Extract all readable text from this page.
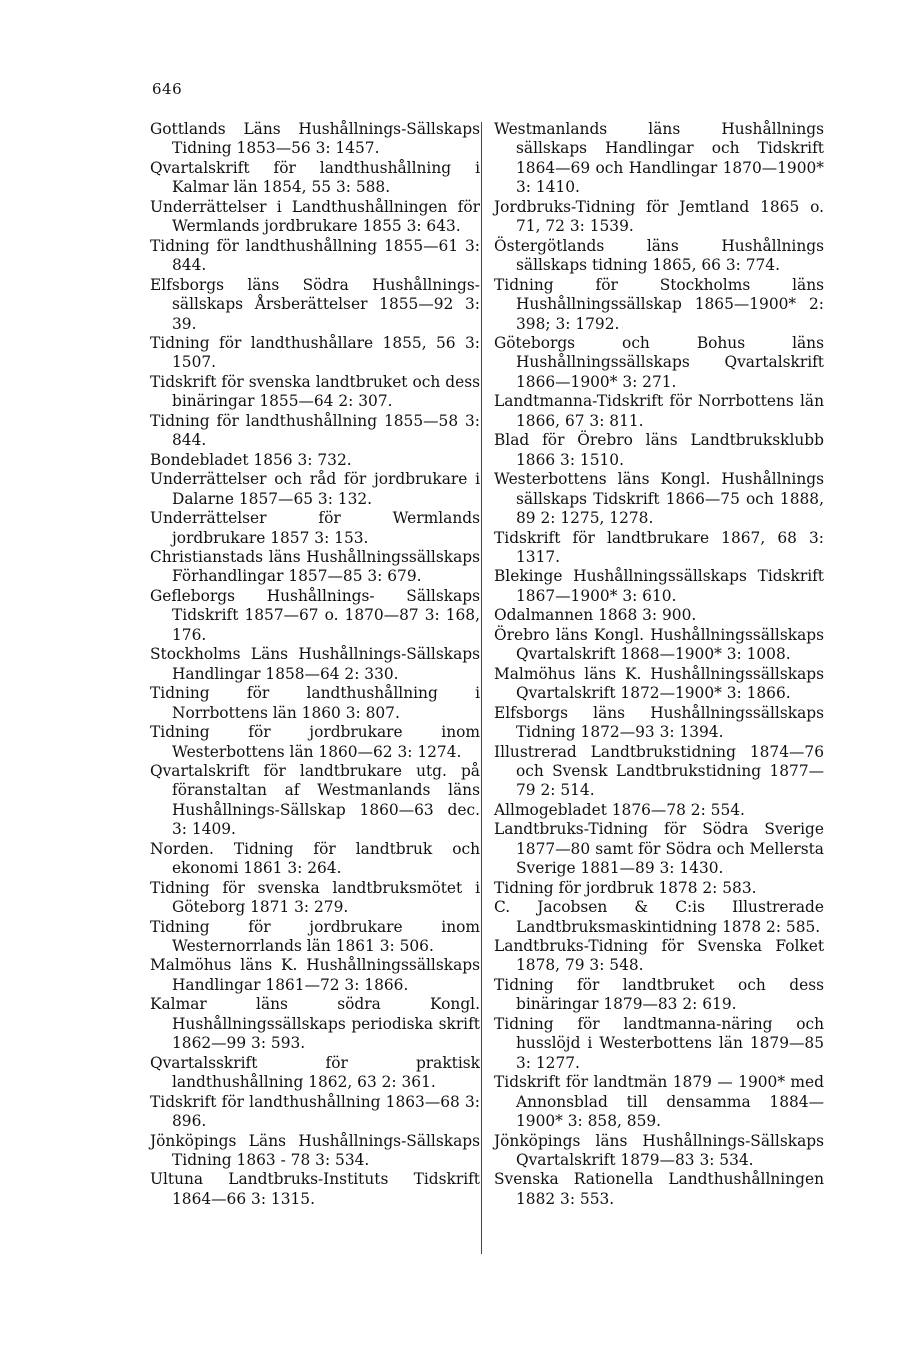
646

Gottlands Läns Hushållnings-Sällskaps Tidning 1853—56 3: 1457.

Qvartalskrift för landthushållning i Kalmar län 1854, 55 3: 588.

Underrättelser i Landthushållningen för Wermlands jordbrukare 1855 3: 643.

Tidning för landthushållning 1855—61 3: 844.

Elfsborgs läns Södra Hushållnings-sällskaps Årsberättelser 1855—92 3: 39.

Tidning för landthushållare 1855, 56 3: 1507.

Tidskrift för svenska landtbruket och dess binäringar 1855—64 2: 307.

Tidning för landthushållning 1855—58 3: 844.

Bondebladet 1856 3: 732.

Underrättelser och råd för jordbrukare i Dalarne 1857—65 3: 132.

Underrättelser för Wermlands jordbrukare 1857 3: 153.

Christianstads läns Hushållningssällskaps Förhandlingar 1857—85 3: 679.

Gefleborgs Hushållnings- Sällskaps Tidskrift 1857—67 o. 1870—87 3: 168, 176.

Stockholms Läns Hushållnings-Sällskaps Handlingar 1858—64 2: 330.

Tidning för landthushållning i Norrbottens län 1860 3: 807.

Tidning för jordbrukare inom Westerbottens län 1860—62 3: 1274.

Qvartalskrift för landtbrukare utg. på föranstaltan af Westmanlands läns Hushållnings-Sällskap 1860—63 dec. 3: 1409.

Norden. Tidning för landtbruk och ekonomi 1861 3: 264.

Tidning för svenska landtbruksmötet i Göteborg 1871 3: 279.

Tidning för jordbrukare inom Westernorrlands län 1861 3: 506.

Malmöhus läns K. Hushållningssällskaps Handlingar 1861—72 3: 1866.

Kalmar läns södra Kongl. Hushållningssällskaps periodiska skrift 1862—99 3: 593.

Qvartalsskrift för praktisk landthushållning 1862, 63 2: 361.

Tidskrift för landthushållning 1863—68 3: 896.

Jönköpings Läns Hushållnings-Sällskaps Tidning 1863 - 78 3: 534.

Ultuna Landtbruks-Instituts Tidskrift 1864—66 3: 1315.

Westmanlands läns Hushållnings sällskaps Handlingar och Tidskrift 1864—69 och Handlingar 1870—1900* 3: 1410.

Jordbruks-Tidning för Jemtland 1865 o. 71, 72 3: 1539.

Östergötlands läns Hushållnings sällskaps tidning 1865, 66 3: 774.

Tidning för Stockholms läns Hushållningssällskap 1865—1900* 2: 398; 3: 1792.

Göteborgs och Bohus läns Hushållningssällskaps Qvartalskrift 1866—1900* 3: 271.

Landtmanna-Tidskrift för Norrbottens län 1866, 67 3: 811.

Blad för Örebro läns Landtbruksklubb 1866 3: 1510.

Westerbottens läns Kongl. Hushållnings sällskaps Tidskrift 1866—75 och 1888, 89 2: 1275, 1278.

Tidskrift för landtbrukare 1867, 68 3: 1317.

Blekinge Hushållningssällskaps Tidskrift 1867—1900* 3: 610.

Odalmannen 1868 3: 900.

Örebro läns Kongl. Hushållningssällskaps Qvartalskrift 1868—1900* 3: 1008.

Malmöhus läns K. Hushållningssällskaps Qvartalskrift 1872—1900* 3: 1866.

Elfsborgs läns Hushållningssällskaps Tidning 1872—93 3: 1394.

Illustrerad Landtbrukstidning 1874—76 och Svensk Landtbrukstidning 1877—79 2: 514.

Allmogebladet 1876—78 2: 554.

Landtbruks-Tidning för Södra Sverige 1877—80 samt för Södra och Mellersta Sverige 1881—89 3: 1430.

Tidning för jordbruk 1878 2: 583.

C. Jacobsen & C:is Illustrerade Landtbruksmaskintidning 1878 2: 585.

Landtbruks-Tidning för Svenska Folket 1878, 79 3: 548.

Tidning för landtbruket och dess binäringar 1879—83 2: 619.

Tidning för landtmanna-näring och husslöjd i Westerbottens län 1879—85 3: 1277.

Tidskrift för landtmän 1879 — 1900* med Annonsblad till densamma 1884—1900* 3: 858, 859.

Jönköpings läns Hushållnings-Sällskaps Qvartalskrift 1879—83 3: 534.

Svenska Rationella Landthushållningen 1882 3: 553.
